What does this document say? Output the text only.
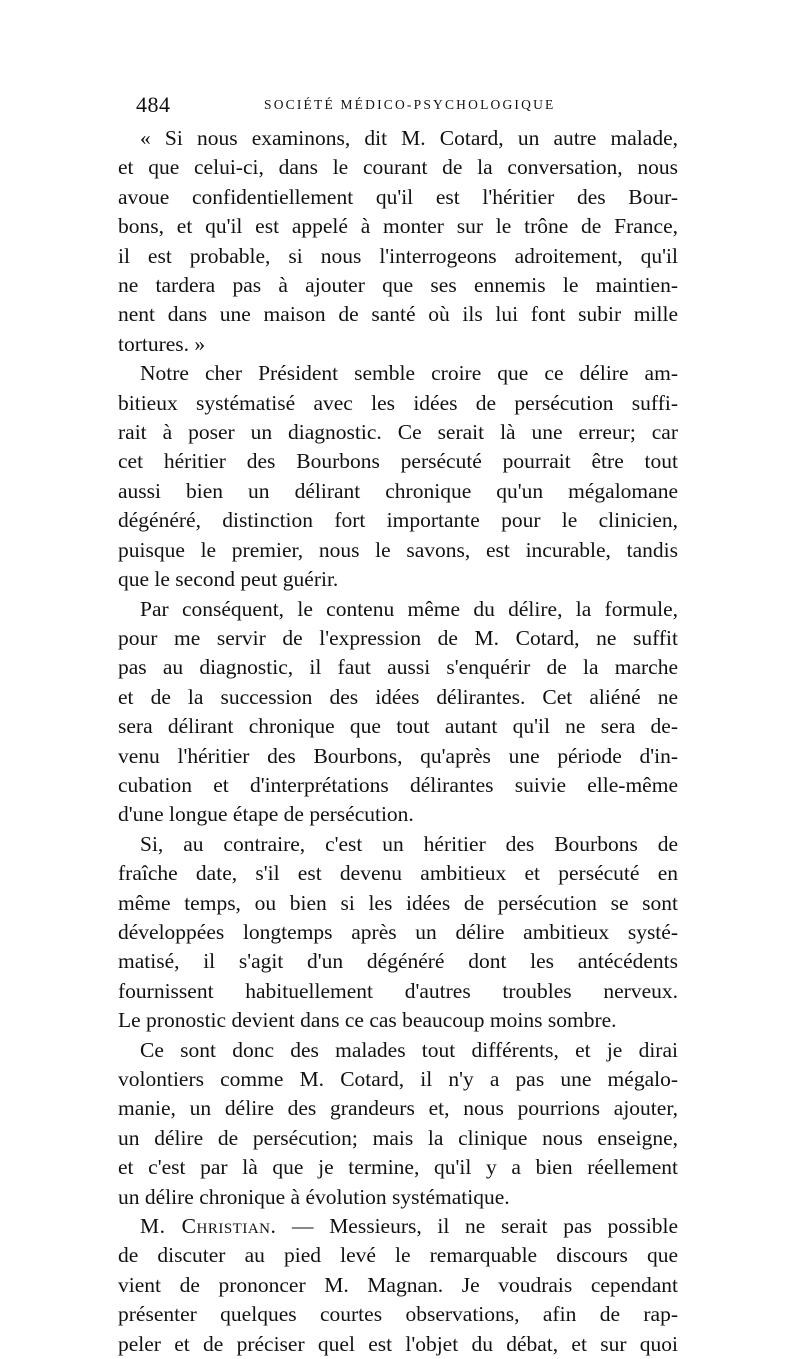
484	SOCIÉTÉ MÉDICO-PSYCHOLOGIQUE

« Si nous examinons, dit M. Cotard, un autre malade,
et que celui-ci, dans le courant de la conversation, nous
avoue confidentiellement qu'il est l'héritier des Bour-
bons, et qu'il est appelé à monter sur le trône de France,
il est probable, si nous l'interrogeons adroitement, qu'il
ne tardera pas à ajouter que ses ennemis le maintien-
nent dans une maison de santé où ils lui font subir mille
tortures. »

Notre cher Président semble croire que ce délire am-
bitieux systématisé avec les idées de persécution suffi-
rait à poser un diagnostic. Ce serait là une erreur; car
cet héritier des Bourbons persécuté pourrait être tout
aussi bien un délirant chronique qu'un mégalomane
dégénéré, distinction fort importante pour le clinicien,
puisque le premier, nous le savons, est incurable, tandis
que le second peut guérir.

Par conséquent, le contenu même du délire, la formule,
pour me servir de l'expression de M. Cotard, ne suffit
pas au diagnostic, il faut aussi s'enquérir de la marche
et de la succession des idées délirantes. Cet aliéné ne
sera délirant chronique que tout autant qu'il ne sera de-
venu l'héritier des Bourbons, qu'après une période d'in-
cubation et d'interprétations délirantes suivie elle-même
d'une longue étape de persécution.

Si, au contraire, c'est un héritier des Bourbons de
fraîche date, s'il est devenu ambitieux et persécuté en
même temps, ou bien si les idées de persécution se sont
développées longtemps après un délire ambitieux systé-
matisé, il s'agit d'un dégénéré dont les antécédents
fournissent habituellement d'autres troubles nerveux.
Le pronostic devient dans ce cas beaucoup moins sombre.

Ce sont donc des malades tout différents, et je dirai
volontiers comme M. Cotard, il n'y a pas une mégalo-
manie, un délire des grandeurs et, nous pourrions ajouter,
un délire de persécution; mais la clinique nous enseigne,
et c'est par là que je termine, qu'il y a bien réellement
un délire chronique à évolution systématique.

M. Christian. — Messieurs, il ne serait pas possible
de discuter au pied levé le remarquable discours que
vient de prononcer M. Magnan. Je voudrais cependant
présenter quelques courtes observations, afin de rap-
peler et de préciser quel est l'objet du débat, et sur quoi
